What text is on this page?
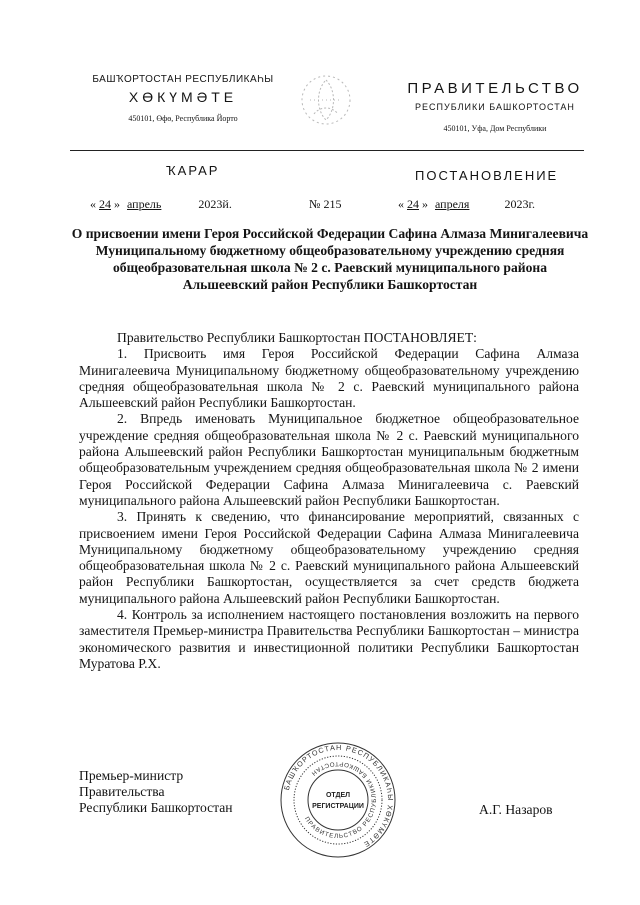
БАШҠОРТОСТАН РЕСПУБЛИКАҺЫ
ХӨКҮМӘТЕ
450101, Өфө, Республика Йорто
ПРАВИТЕЛЬСТВО
РЕСПУБЛИКИ БАШКОРТОСТАН
450101, Уфа, Дом Республики
ҠАРАР	ПОСТАНОВЛЕНИЕ
« 24 » апрель	2023й.	№ 215	« 24 » апреля	2023г.
О присвоении имени Героя Российской Федерации Сафина Алмаза Минигалеевича Муниципальному бюджетному общеобразовательному учреждению средняя общеобразовательная школа № 2 с. Раевский муниципального района Альшеевский район Республики Башкортостан

Правительство Республики Башкортостан ПОСТАНОВЛЯЕТ:

1. Присвоить имя Героя Российской Федерации Сафина Алмаза Минигалеевича Муниципальному бюджетному общеобразовательному учреждению средняя общеобразовательная школа № 2 с. Раевский муниципального района Альшеевский район Республики Башкортостан.

2. Впредь именовать Муниципальное бюджетное общеобразовательное учреждение средняя общеобразовательная школа № 2 с. Раевский муниципального района Альшеевский район Республики Башкортостан муниципальным бюджетным общеобразовательным учреждением средняя общеобразовательная школа № 2 имени Героя Российской Федерации Сафина Алмаза Минигалеевича с. Раевский муниципального района Альшеевский район Республики Башкортостан.

3. Принять к сведению, что финансирование мероприятий, связанных с присвоением имени Героя Российской Федерации Сафина Алмаза Минигалеевича Муниципальному бюджетному общеобразовательному учреждению средняя общеобразовательная школа № 2 с. Раевский муниципального района Альшеевский район Республики Башкортостан, осуществляется за счет средств бюджета муниципального района Альшеевский район Республики Башкортостан.

4. Контроль за исполнением настоящего постановления возложить на первого заместителя Премьер-министра Правительства Республики Башкортостан – министра экономического развития и инвестиционной политики Республики Башкортостан Муратова Р.Х.

Премьер-министр
Правительства
Республики Башкортостан
БАШҠОРТОСТАН РЕСПУБЛИКАҺЫ ХӨКҮМӘТЕ
ПРАВИТЕЛЬСТВО РЕСПУБЛИКИ БАШКОРТОСТАН
ОТДЕЛ
РЕГИСТРАЦИИ	А.Г. Назаров
